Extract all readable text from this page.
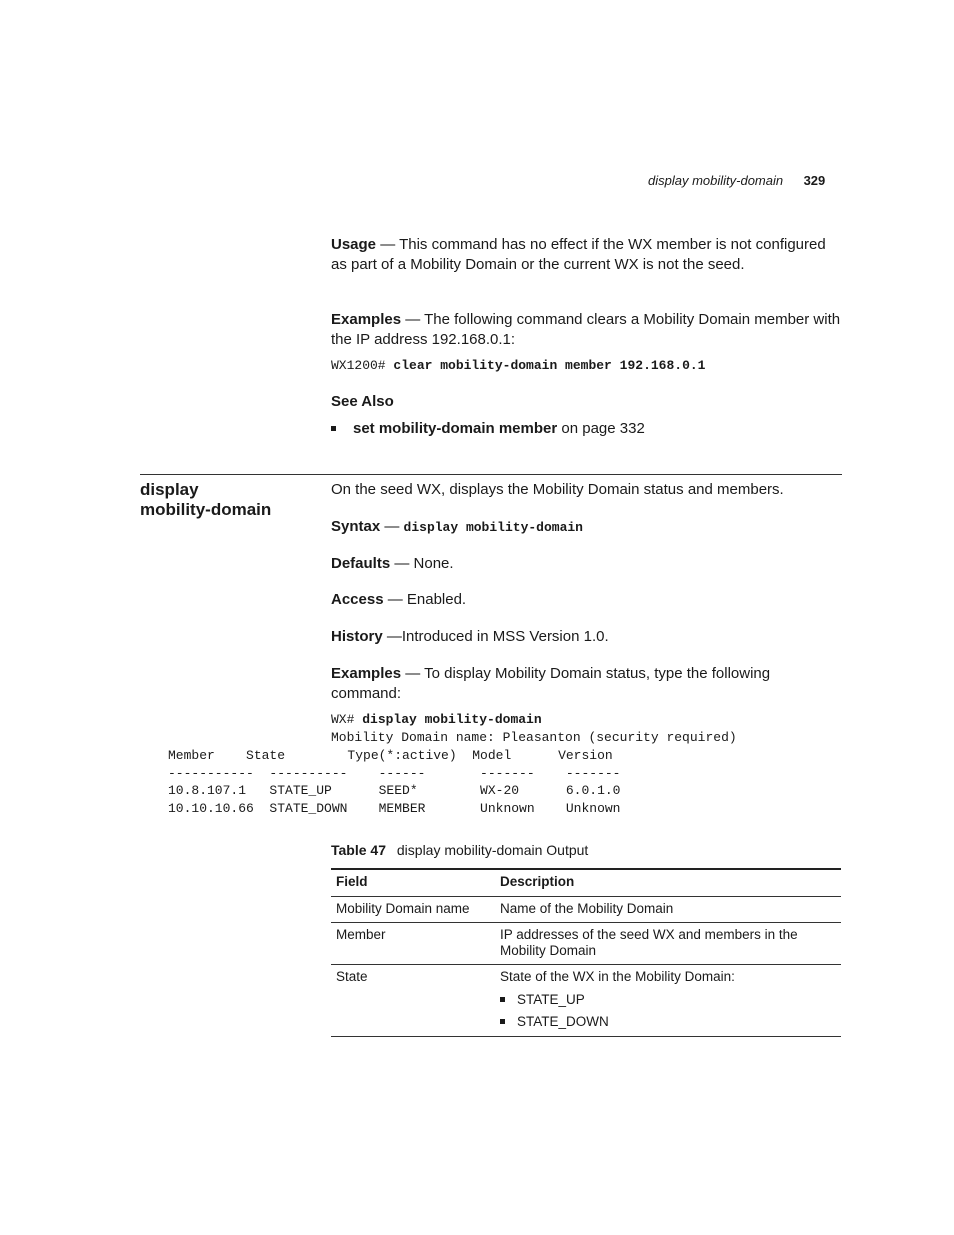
display mobility-domain 329
Usage — This command has no effect if the WX member is not configured as part of a Mobility Domain or the current WX is not the seed.
Examples — The following command clears a Mobility Domain member with the IP address 192.168.0.1:
WX1200# clear mobility-domain member 192.168.0.1
See Also
set mobility-domain member on page 332
display
mobility-domain
On the seed WX, displays the Mobility Domain status and members.
Syntax — display mobility-domain
Defaults — None.
Access — Enabled.
History —Introduced in MSS Version 1.0.
Examples — To display Mobility Domain status, type the following command:
WX# display mobility-domain
Mobility Domain name: Pleasanton (security required)
Member    State        Type(*:active)  Model      Version
-----------  ----------    ------       -------    -------
10.8.107.1   STATE_UP      SEED*        WX-20      6.0.1.0
10.10.10.66  STATE_DOWN    MEMBER       Unknown    Unknown
Table 47 display mobility-domain Output
Field	Description
Mobility Domain name	Name of the Mobility Domain
Member	IP addresses of the seed WX and members in the Mobility Domain
State	State of the WX in the Mobility Domain:
STATE_UP
STATE_DOWN
